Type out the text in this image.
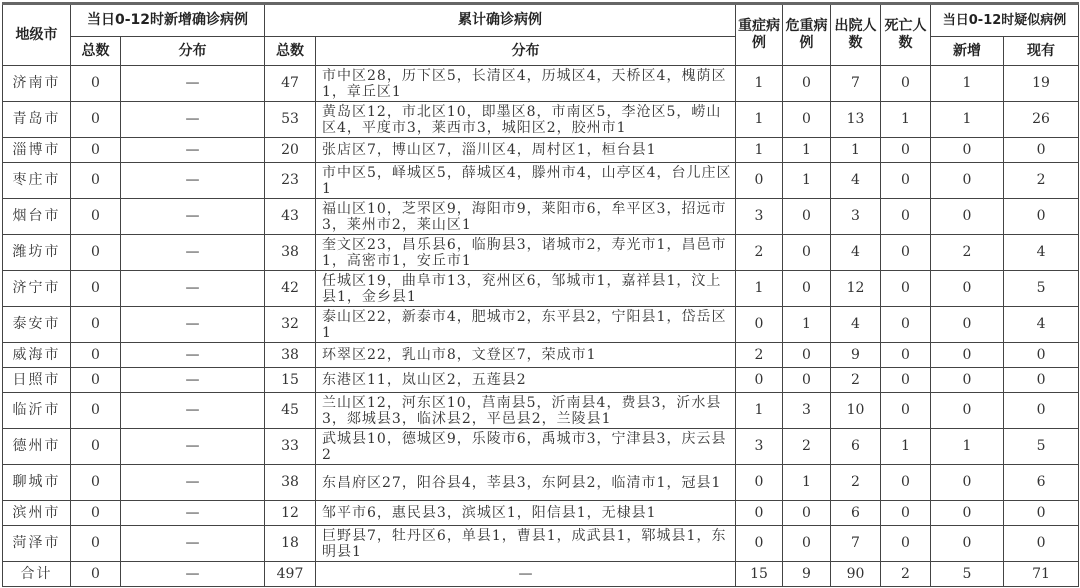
地级市	当日0-12时新增确诊病例		累计确诊病例		重症病例	危重病例	出院人数	死亡人数	当日0-12时疑似病例	
	总数	分布	总数	分布					新增	现有
济南市	0	—	47	市中区28，历下区5，长清区4，历城区4，天桥区4，槐荫区1，章丘区1	1	0	7	0	1	19
青岛市	0	—	53	黄岛区12，市北区10，即墨区8，市南区5，李沧区5，崂山区4，平度市3，莱西市3，城阳区2，胶州市1	1	0	13	1	1	26
淄博市	0	—	20	张店区7，博山区7，淄川区4，周村区1，桓台县1	1	1	1	0	0	0
枣庄市	0	—	23	市中区5，峄城区5，薛城区4，滕州市4，山亭区4，台儿庄区1	0	1	4	0	0	2
烟台市	0	—	43	福山区10，芝罘区9，海阳市9，莱阳市6，牟平区3，招远市3，莱州市2，莱山区1	3	0	3	0	0	0
潍坊市	0	—	38	奎文区23，昌乐县6，临朐县3，诸城市2，寿光市1，昌邑市1，高密市1，安丘市1	2	0	4	0	2	4
济宁市	0	—	42	任城区19，曲阜市13，兖州区6，邹城市1，嘉祥县1，汶上县1，金乡县1	1	0	12	0	0	5
泰安市	0	—	32	泰山区22，新泰市4，肥城市2，东平县2，宁阳县1，岱岳区1	0	1	4	0	0	4
威海市	0	—	38	环翠区22，乳山市8，文登区7，荣成市1	2	0	9	0	0	0
日照市	0	—	15	东港区11，岚山区2，五莲县2	0	0	2	0	0	0
临沂市	0	—	45	兰山区12，河东区10，莒南县5，沂南县4，费县3，沂水县3，郯城县3，临沭县2，平邑县2，兰陵县1	1	3	10	0	0	0
德州市	0	—	33	武城县10，德城区9，乐陵市6，禹城市3，宁津县3，庆云县2	3	2	6	1	1	5
聊城市	0	—	38	东昌府区27，阳谷县4，莘县3，东阿县2，临清市1，冠县1	0	1	2	0	0	6
滨州市	0	—	12	邹平市6，惠民县3，滨城区1，阳信县1，无棣县1	0	0	6	0	0	0
菏泽市	0	—	18	巨野县7，牡丹区6，单县1，曹县1，成武县1，郓城县1，东明县1	0	0	7	0	0	0
合计	0	—	497	—	15	9	90	2	5	71
